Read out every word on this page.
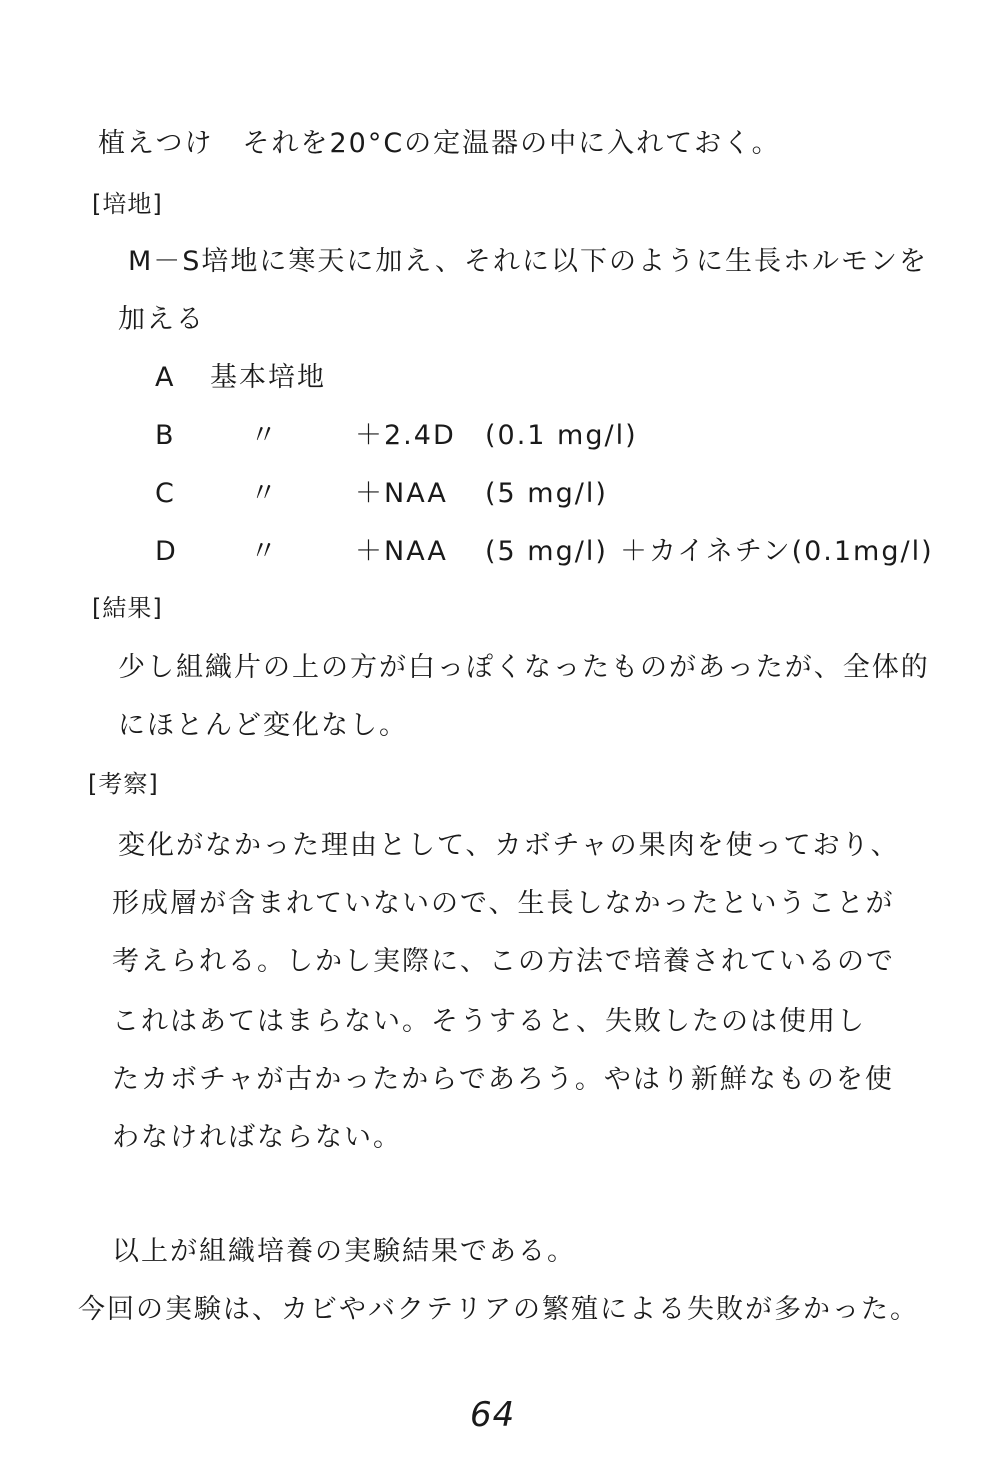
植えつけ　それを20°Cの定温器の中に入れておく。
[培地]
M－S培地に寒天に加え、それに以下のように生長ホルモンを
加える
A 基本培地
B	〃	＋2.4D (0.1 mg/l)
C	〃	＋NAA (5 mg/l)
D	〃	＋NAA (5 mg/l) ＋カイネチン(0.1mg/l)
[結果]
少し組織片の上の方が白っぽくなったものがあったが、全体的
にほとんど変化なし。
[考察]
変化がなかった理由として、カボチャの果肉を使っており、
形成層が含まれていないので、生長しなかったということが
考えられる。しかし実際に、この方法で培養されているので
これはあてはまらない。そうすると、失敗したのは使用し
たカボチャが古かったからであろう。やはり新鮮なものを使
わなければならない。
以上が組織培養の実験結果である。
今回の実験は、カビやバクテリアの繁殖による失敗が多かった。
64
